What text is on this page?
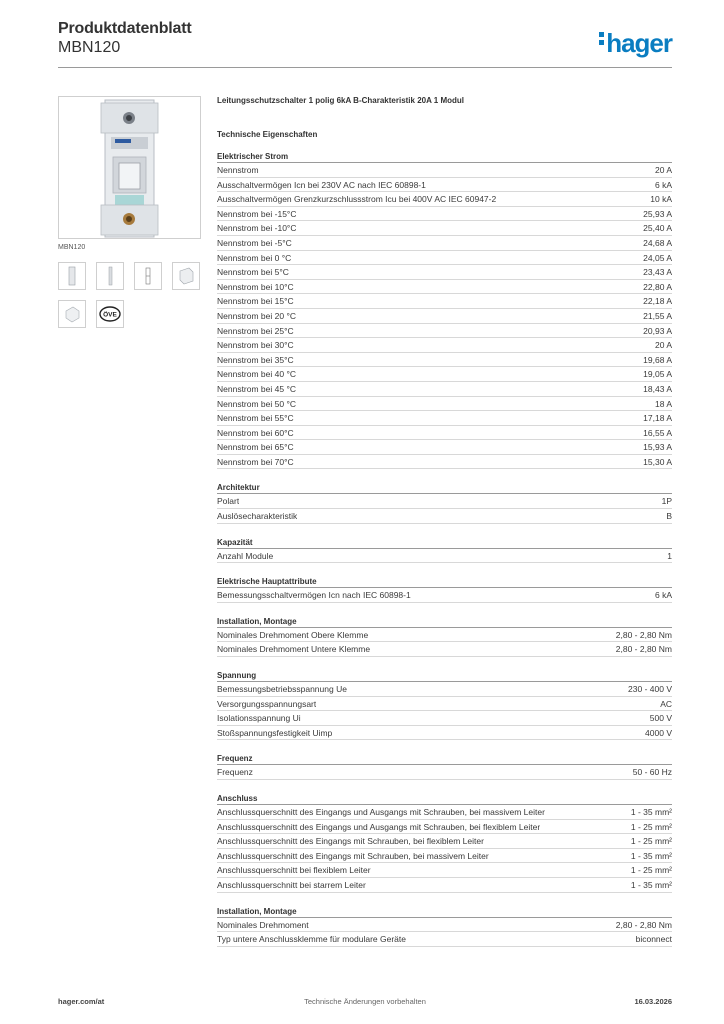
Produktdatenblatt
MBN120	hager
MBN120
ÖVE
Leitungsschutzschalter 1 polig 6kA B-Charakteristik 20A 1 Modul
Technische Eigenschaften
Elektrischer Strom
Nennstrom	20 A
Ausschaltvermögen Icn bei 230V AC nach IEC 60898-1	6 kA
Ausschaltvermögen Grenzkurzschlussstrom Icu bei 400V AC IEC 60947-2	10 kA
Nennstrom bei -15°C	25,93 A
Nennstrom bei -10°C	25,40 A
Nennstrom bei -5°C	24,68 A
Nennstrom bei 0 °C	24,05 A
Nennstrom bei 5°C	23,43 A
Nennstrom bei 10°C	22,80 A
Nennstrom bei 15°C	22,18 A
Nennstrom bei 20 °C	21,55 A
Nennstrom bei 25°C	20,93 A
Nennstrom bei 30°C	20 A
Nennstrom bei 35°C	19,68 A
Nennstrom bei 40 °C	19,05 A
Nennstrom bei 45 °C	18,43 A
Nennstrom bei 50 °C	18 A
Nennstrom bei 55°C	17,18 A
Nennstrom bei 60°C	16,55 A
Nennstrom bei 65°C	15,93 A
Nennstrom bei 70°C	15,30 A
Architektur
Polart	1P
Auslösecharakteristik	B
Kapazität
Anzahl Module	1
Elektrische Hauptattribute
Bemessungsschaltvermögen Icn nach IEC 60898-1	6 kA
Installation, Montage
Nominales Drehmoment Obere Klemme	2,80 - 2,80 Nm
Nominales Drehmoment Untere Klemme	2,80 - 2,80 Nm
Spannung
Bemessungsbetriebsspannung Ue	230 - 400 V
Versorgungsspannungsart	AC
Isolationsspannung Ui	500 V
Stoßspannungsfestigkeit Uimp	4000 V
Frequenz
Frequenz	50 - 60 Hz
Anschluss
Anschlussquerschnitt des Eingangs und Ausgangs mit Schrauben, bei massivem Leiter	1 - 35 mm²
Anschlussquerschnitt des Eingangs und Ausgangs mit Schrauben, bei flexiblem Leiter	1 - 25 mm²
Anschlussquerschnitt des Eingangs mit Schrauben, bei flexiblem Leiter	1 - 25 mm²
Anschlussquerschnitt des Eingangs mit Schrauben, bei massivem Leiter	1 - 35 mm²
Anschlussquerschnitt bei flexiblem Leiter	1 - 25 mm²
Anschlussquerschnitt bei starrem Leiter	1 - 35 mm²
Installation, Montage
Nominales Drehmoment	2,80 - 2,80 Nm
Typ untere Anschlussklemme für modulare Geräte	biconnect
hager.com/at	Technische Änderungen vorbehalten	16.03.2026
